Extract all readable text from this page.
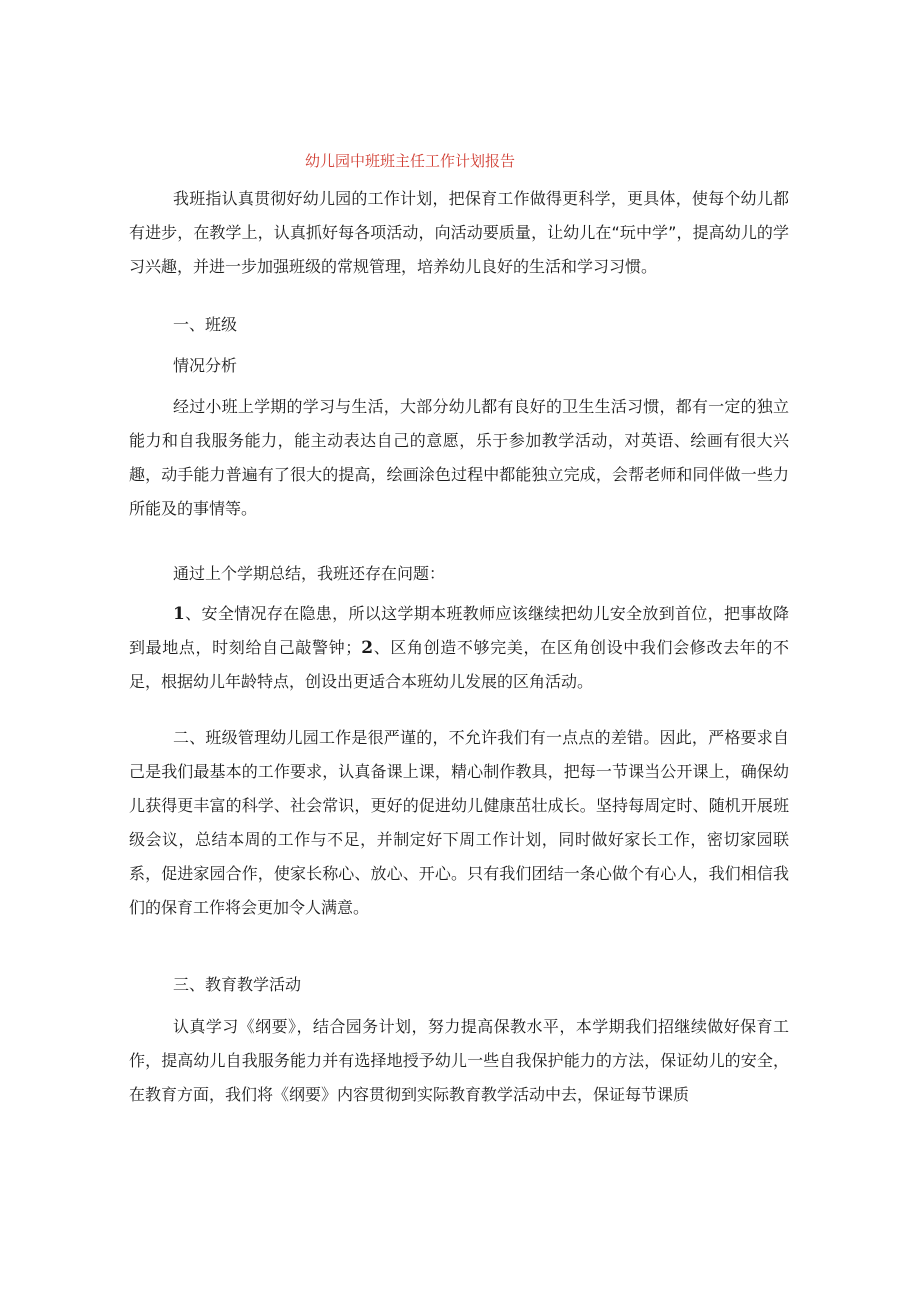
幼儿园中班班主任工作计划报告

我班指认真贯彻好幼儿园的工作计划，把保育工作做得更科学，更具体，使每个幼儿都有进步，在教学上，认真抓好每各项活动，向活动要质量，让幼儿在“玩中学”，提高幼儿的学习兴趣，并进一步加强班级的常规管理，培养幼儿良好的生活和学习习惯。

一、班级

情况分析

经过小班上学期的学习与生活，大部分幼儿都有良好的卫生生活习惯，都有一定的独立能力和自我服务能力，能主动表达自己的意愿，乐于参加教学活动，对英语、绘画有很大兴趣，动手能力普遍有了很大的提高，绘画涂色过程中都能独立完成，会帮老师和同伴做一些力所能及的事情等。

通过上个学期总结，我班还存在问题：

1、安全情况存在隐患，所以这学期本班教师应该继续把幼儿安全放到首位，把事故降到最地点，时刻给自己敲警钟；2、区角创造不够完美，在区角创设中我们会修改去年的不足，根据幼儿年龄特点，创设出更适合本班幼儿发展的区角活动。

二、班级管理幼儿园工作是很严谨的，不允许我们有一点点的差错。因此，严格要求自己是我们最基本的工作要求，认真备课上课，精心制作教具，把每一节课当公开课上，确保幼儿获得更丰富的科学、社会常识，更好的促进幼儿健康茁壮成长。坚持每周定时、随机开展班级会议，总结本周的工作与不足，并制定好下周工作计划，同时做好家长工作，密切家园联系，促进家园合作，使家长称心、放心、开心。只有我们团结一条心做个有心人，我们相信我们的保育工作将会更加令人满意。

三、教育教学活动

认真学习《纲要》，结合园务计划，努力提高保教水平，本学期我们招继续做好保育工作，提高幼儿自我服务能力并有选择地授予幼儿一些自我保护能力的方法，保证幼儿的安全，在教育方面，我们将《纲要》内容贯彻到实际教育教学活动中去，保证每节课质
